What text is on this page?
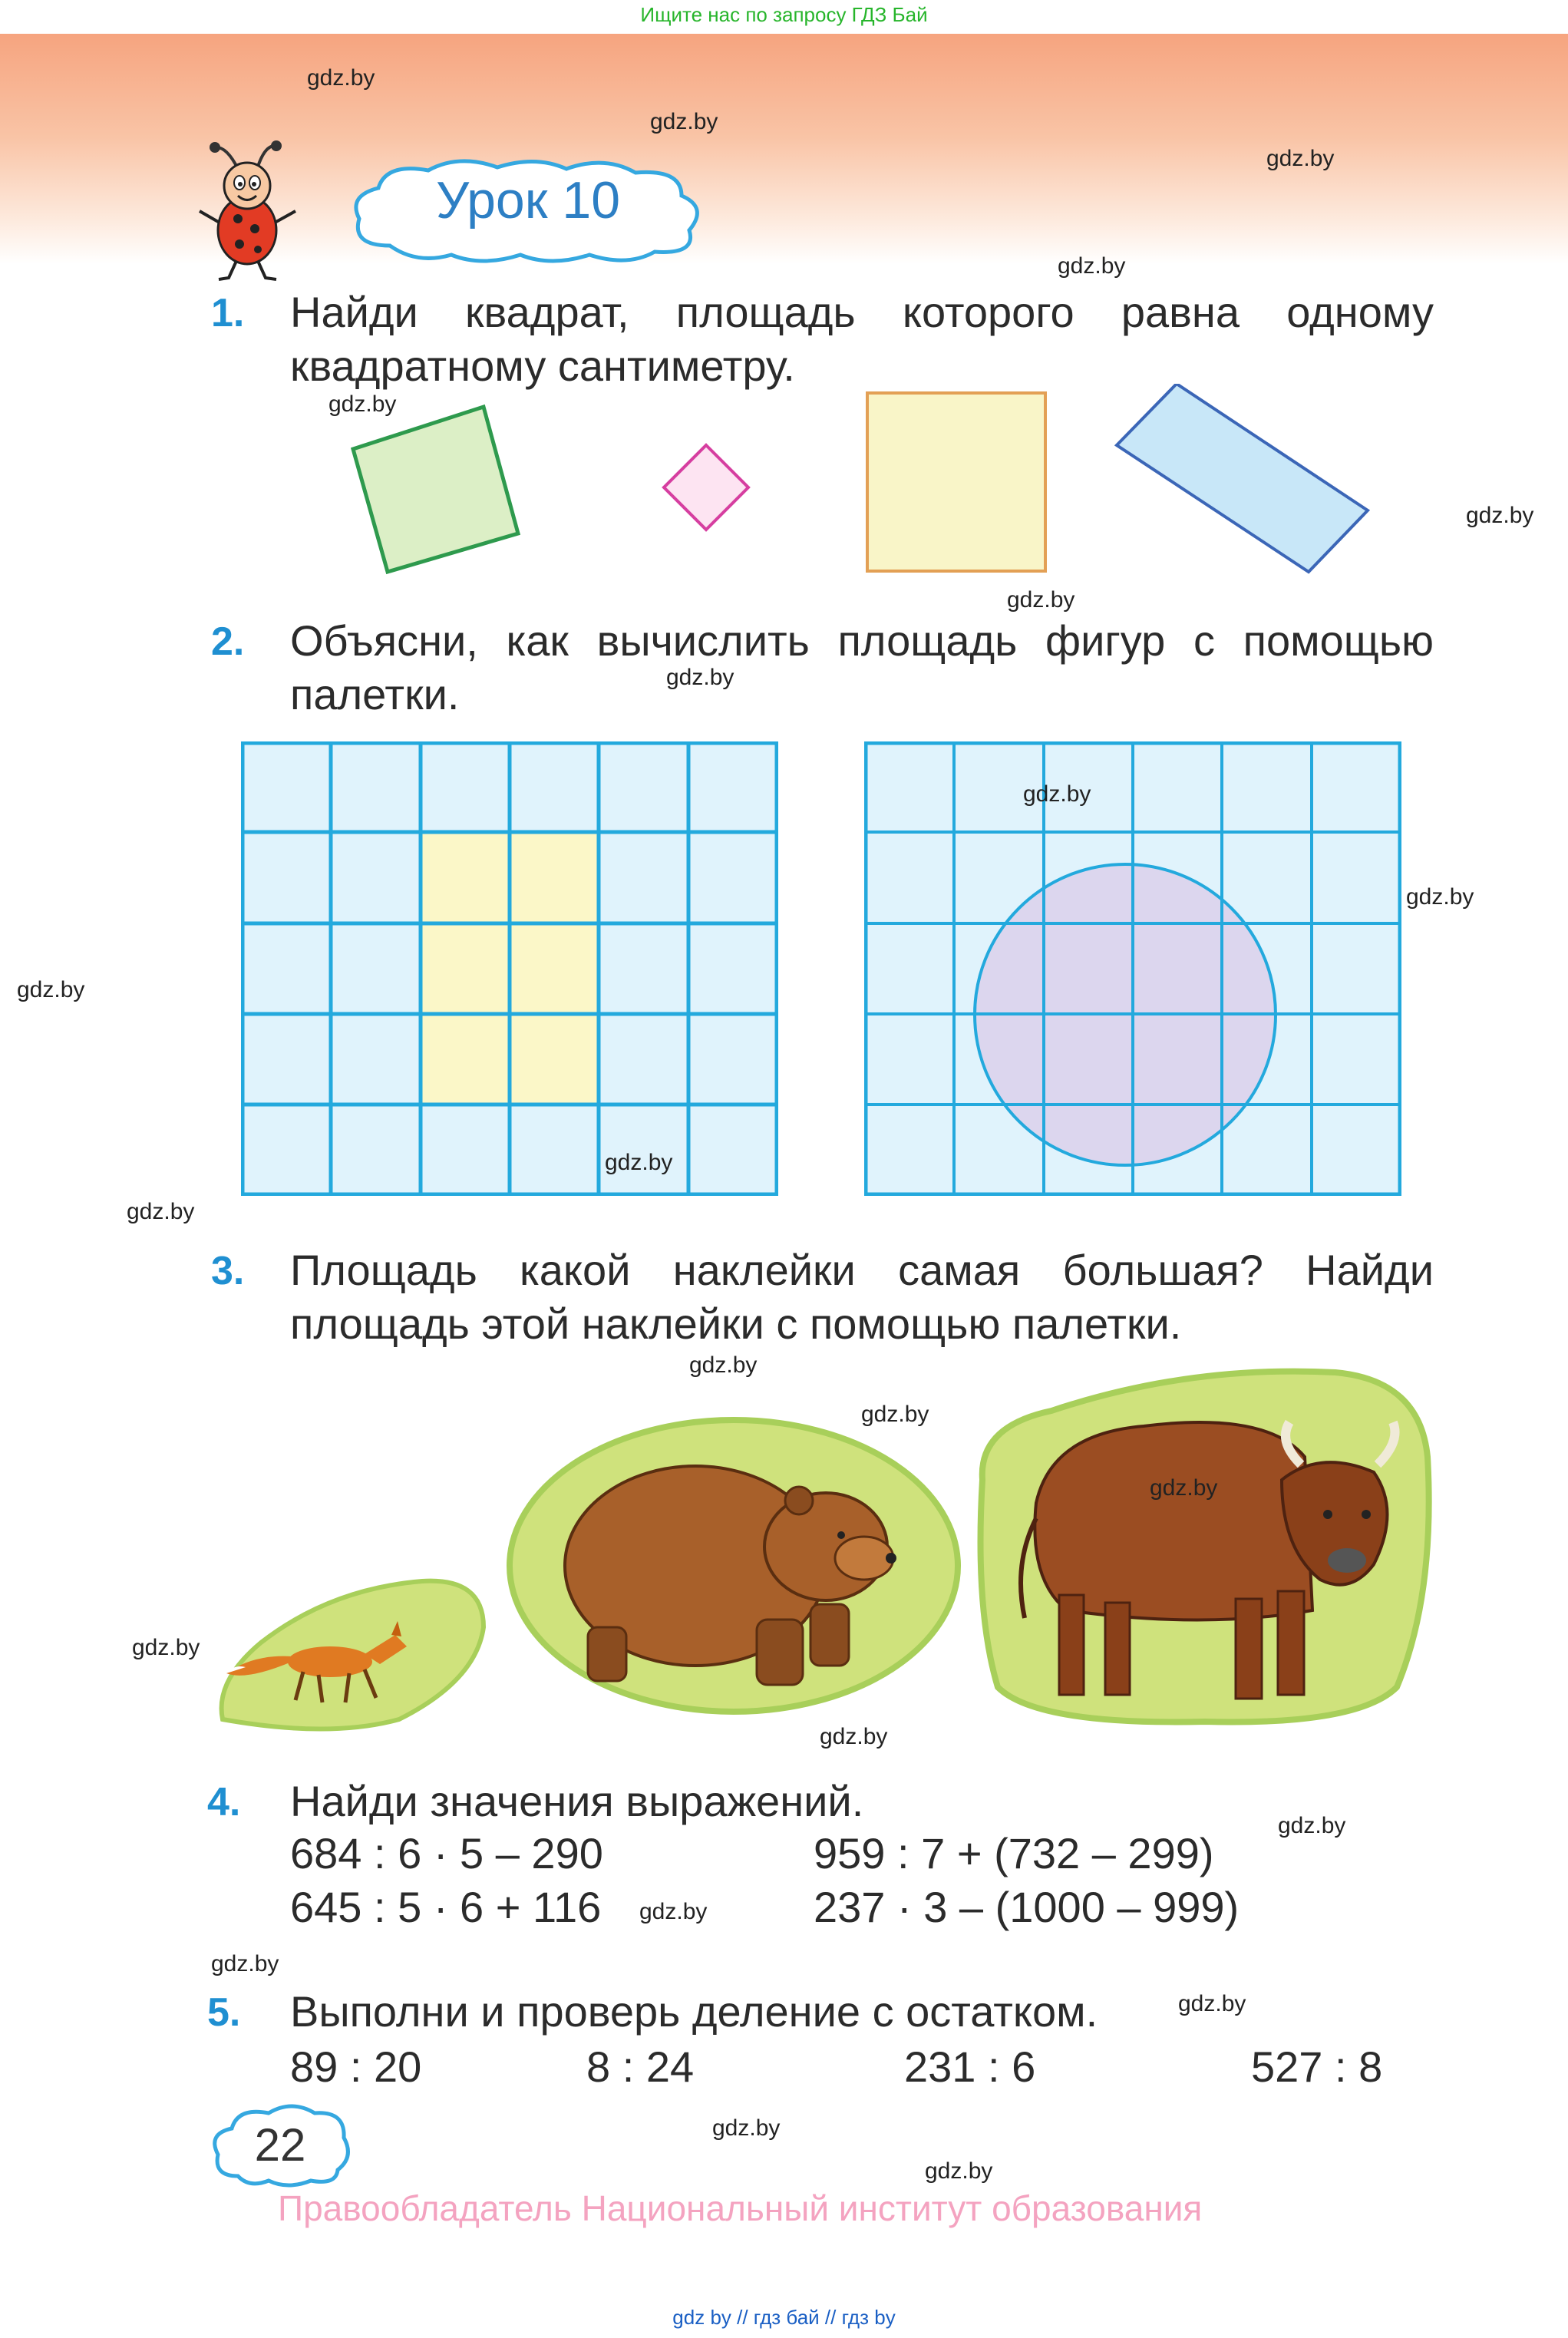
Ищите нас по запросу ГДЗ Бай
Урок 10
1. Найди квадрат, площадь которого равна одному квадратному сантиметру.
2. Объясни, как вычислить площадь фигур с помощью палетки.
3. Площадь какой наклейки самая большая? Найди площадь этой наклейки с помощью палетки.
4. Найди значения выражений.
684 : 6 · 5 – 290	959 : 7 + (732 – 299)
645 : 5 · 6 + 116	237 · 3 – (1000 – 999)
5. Выполни и проверь деление с остатком.
89 : 20	8 : 24	231 : 6	527 : 8
22
Правообладатель Национальный институт образования
gdz.by
gdz.by
gdz.by
gdz.by
gdz.by
gdz.by
gdz.by
gdz.by
gdz.by
gdz.by
gdz.by
gdz.by
gdz.by
gdz.by
gdz.by
gdz.by
gdz.by
gdz.by
gdz.by
gdz.by
gdz.by
gdz.by
gdz.by
gdz.by
gdz by // гдз бай // гдз by
